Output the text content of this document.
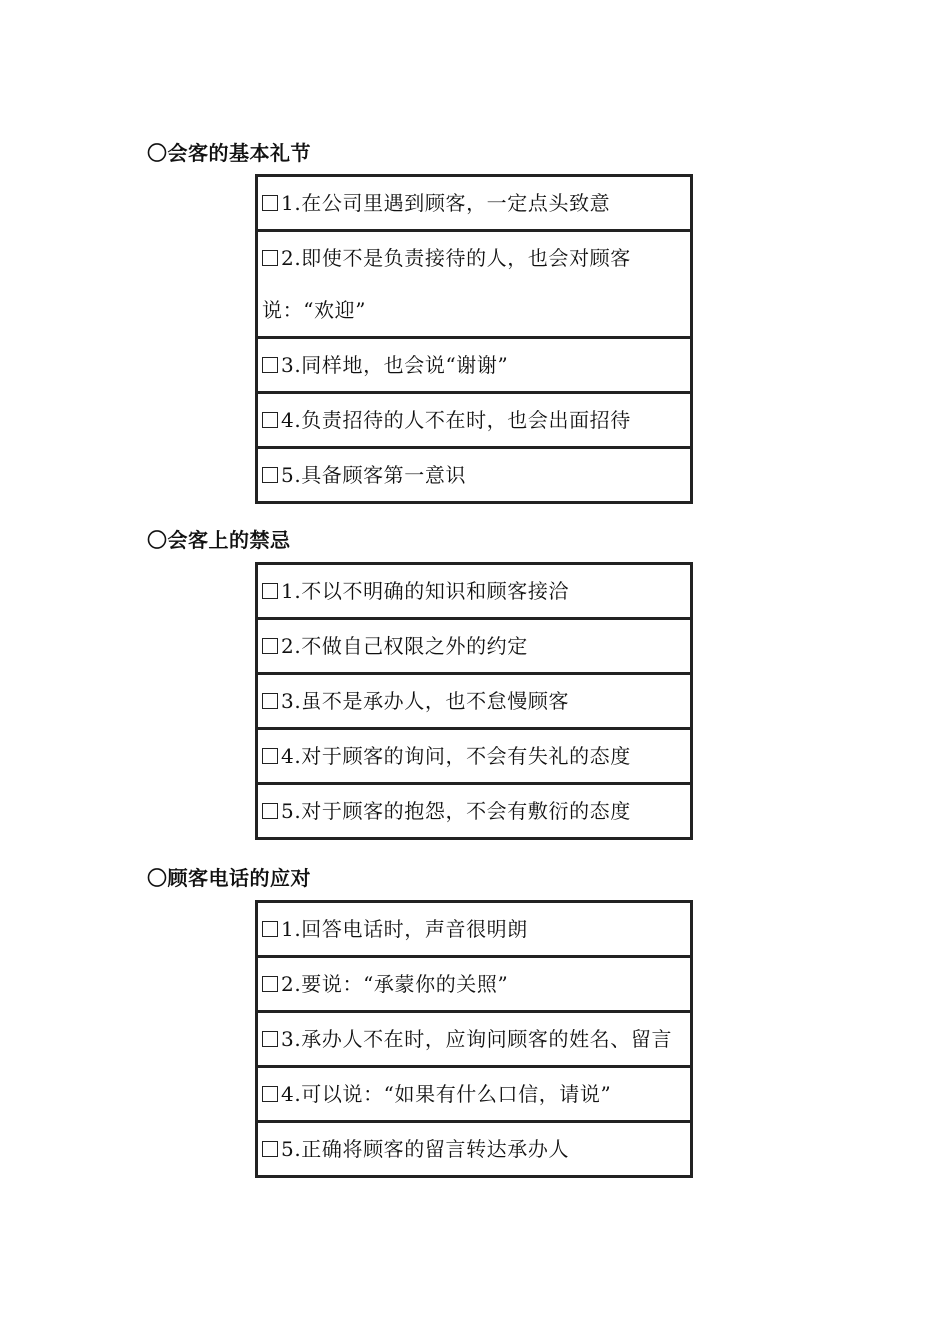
〇会客的基本礼节
1.在公司里遇到顾客，一定点头致意
2.即使不是负责接待的人，也会对顾客说：“欢迎”
3.同样地，也会说“谢谢”
4.负责招待的人不在时，也会出面招待
5.具备顾客第一意识
〇会客上的禁忌
1.不以不明确的知识和顾客接洽
2.不做自己权限之外的约定
3.虽不是承办人，也不怠慢顾客
4.对于顾客的询问，不会有失礼的态度
5.对于顾客的抱怨，不会有敷衍的态度
〇顾客电话的应对
1.回答电话时，声音很明朗
2.要说：“承蒙你的关照”
3.承办人不在时，应询问顾客的姓名、留言
4.可以说：“如果有什么口信，请说”
5.正确将顾客的留言转达承办人
